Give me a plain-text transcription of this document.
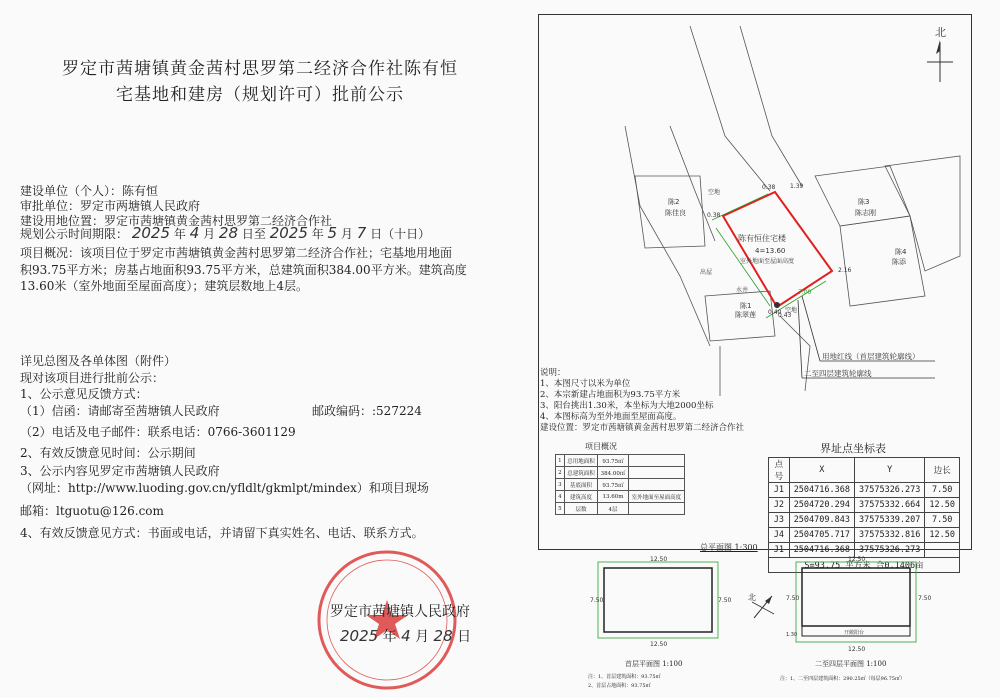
罗定市茜塘镇黄金茜村思罗第二经济合作社陈有恒
宅基地和建房（规划许可）批前公示
建设单位（个人）：陈有恒
审批单位：罗定市两塘镇人民政府
建设用地位置：罗定市茜塘镇黄金茜村思罗第二经济合作社
规划公示时间期限： 2025 年 4 月 28 日至 2025 年 5 月 7 日（十日）
项目概况：该项目位于罗定市茜塘镇黄金茜村思罗第二经济合作社；宅基地用地面
积93.75平方米；房基占地面积93.75平方米，总建筑面积384.00平方米。建筑高度
13.60米（室外地面至屋面高度）；建筑层数地上4层。
详见总图及各单体图（附件）
现对该项目进行批前公示：
1、公示意见反馈方式：
（1）信函：请邮寄至茜塘镇人民政府	邮政编码：:527224
（2）电话及电子邮件：联系电话：0766-3601129
2、有效反馈意见时间：公示期间
3、公示内容见罗定市茜塘镇人民政府
（网址：http://www.luoding.gov.cn/yfldlt/gkmlpt/mindex）和项目现场
邮箱：ltguotu@126.com
4、有效反馈意见方式：书面或电话，并请留下真实姓名、电话、联系方式。
罗定市茜塘镇人民政府
2025 年 4 月 28 日
北
陈有恒住宅楼
4=13.60
室外地面至屋面高度
陈2
陈佳良
陈3
陈志刚
陈4
陈添
陈1
陈翠莲
空地
出屋
水井
空地
0.38 1.39
0.38
2.16
0.40
0.43
7.00
用地红线（首层建筑轮廓线）
二至四层建筑轮廓线
说明：
1、本图尺寸以米为单位
2、本宗新建占地面积为93.75平方米
3、阳台挑出1.30米，本坐标为大地2000坐标
4、本图标高为至外地面至屋面高度。
建设位置：罗定市茜塘镇黄金茜村思罗第二经济合作社
项目概况
1	总用地面积	93.75㎡	
2	总建筑面积	384.00㎡	
3	基底面积	93.75㎡	
4	建筑高度	13.60m	室外地面至屋面高度
5	层数	4层	
界址点坐标表
点号	X	Y	边长
J1	2504716.368	37575326.273	7.50
J2	2504720.294	37575332.664	12.50
J3	2504709.843	37575339.207	7.50
J4	2504705.717	37575332.816	12.50
J1	2504716.368	37575326.273	
S=93.75 平方米 合0.1406亩			
总平面图 1:300
12.50
12.50
7.50	7.50
首层平面图 1:100
注：1、首层建筑面积：93.75㎡
2、首层占地面积：93.75㎡
北
12.50
12.50
7.50	7.50
1.30	开敞阳台
二至四层平面图 1:100
注：1、二至四层建筑面积：290.25㎡（每层96.75㎡）
